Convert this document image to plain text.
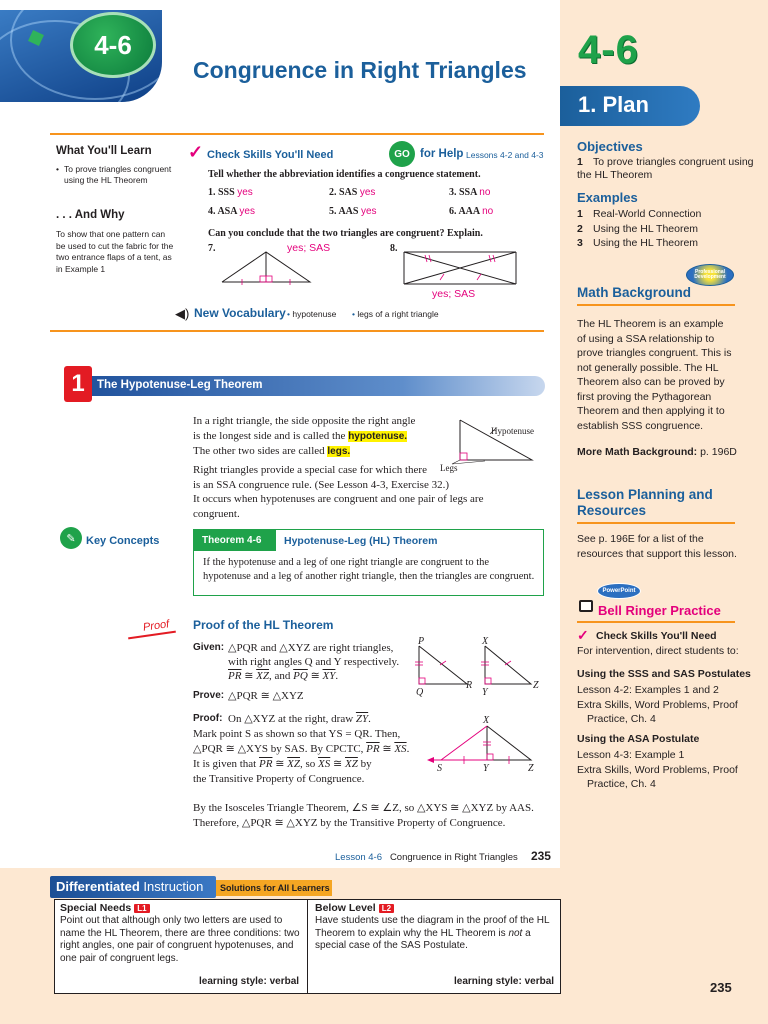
4-6
1. Plan
Objectives
1 To prove triangles congruent using the HL Theorem
Examples
1 Real-World Connection
2 Using the HL Theorem
3 Using the HL Theorem
Professional Development
Math Background
The HL Theorem is an example of using a SSA relationship to prove triangles congruent. This is not generally possible. The HL Theorem also can be proved by first proving the Pythagorean Theorem and then applying it to establish SSS congruence.
More Math Background: p. 196D
Lesson Planning and Resources
See p. 196E for a list of the resources that support this lesson.
PowerPoint
Bell Ringer Practice
✓ Check Skills You'll Need
For intervention, direct students to:
Using the SSS and SAS Postulates
Lesson 4-2: Examples 1 and 2
Extra Skills, Word Problems, Proof
Practice, Ch. 4
Using the ASA Postulate
Lesson 4-3: Example 1
Extra Skills, Word Problems, Proof
Practice, Ch. 4
235
4-6
Congruence in Right Triangles
What You'll Learn
• To prove triangles congruent using the HL Theorem
. . . And Why
To show that one pattern can be used to cut the fabric for the two entrance flaps of a tent, as in Example 1
✓ Check Skills You'll Need	GO for Help Lessons 4-2 and 4-3
Tell whether the abbreviation identifies a congruence statement.
1. SSS yes	2. SAS yes	3. SSA no
4. ASA yes	5. AAS yes	6. AAA no
Can you conclude that the two triangles are congruent? Explain.
7.	yes; SAS	8.
yes; SAS
◀) New Vocabulary • hypotenuse • legs of a right triangle
1	The Hypotenuse-Leg Theorem
In a right triangle, the side opposite the right angle
is the longest side and is called the hypotenuse.
The other two sides are called legs.
Right triangles provide a special case for which there
is an SSA congruence rule. (See Lesson 4-3, Exercise 32.)
It occurs when hypotenuses are congruent and one pair of legs are congruent.
Hypotenuse
Legs
✎ Key Concepts	Theorem 4-6	Hypotenuse-Leg (HL) Theorem
If the hypotenuse and a leg of one right triangle are congruent to the hypotenuse and a leg of another right triangle, then the triangles are congruent.
Proof Proof of the HL Theorem
Given: △PQR and △XYZ are right triangles,
with right angles Q and Y respectively.
$\overline{PR}$ ≅ $\overline{XZ}$, and $\overline{PQ}$ ≅ $\overline{XY}$.
Prove: △PQR ≅ △XYZ
Proof: On △XYZ at the right, draw $\overline{ZY}$.
Mark point S as shown so that YS = QR. Then,
△PQR ≅ △XYS by SAS. By CPCTC, $\overline{PR}$ ≅ $\overline{XS}$.
It is given that $\overline{PR}$ ≅ $\overline{XZ}$, so $\overline{XS}$ ≅ $\overline{XZ}$ by
the Transitive Property of Congruence.
By the Isosceles Triangle Theorem, ∠S ≅ ∠Z, so △XYS ≅ △XYZ by AAS.
Therefore, △PQR ≅ △XYZ by the Transitive Property of Congruence.
P
Q
R
X
Y
Z
X
S	Y	Z
Lesson 4-6 Congruence in Right Triangles 235
Differentiated Instruction	Solutions for All Learners
Special Needs L1
Point out that although only two letters are used to name the HL Theorem, there are three conditions: two right angles, one pair of congruent hypotenuses, and one pair of congruent legs.
learning style: verbal
Below Level L2
Have students use the diagram in the proof of the HL Theorem to explain why the HL Theorem is not a special case of the SAS Postulate.
learning style: verbal
